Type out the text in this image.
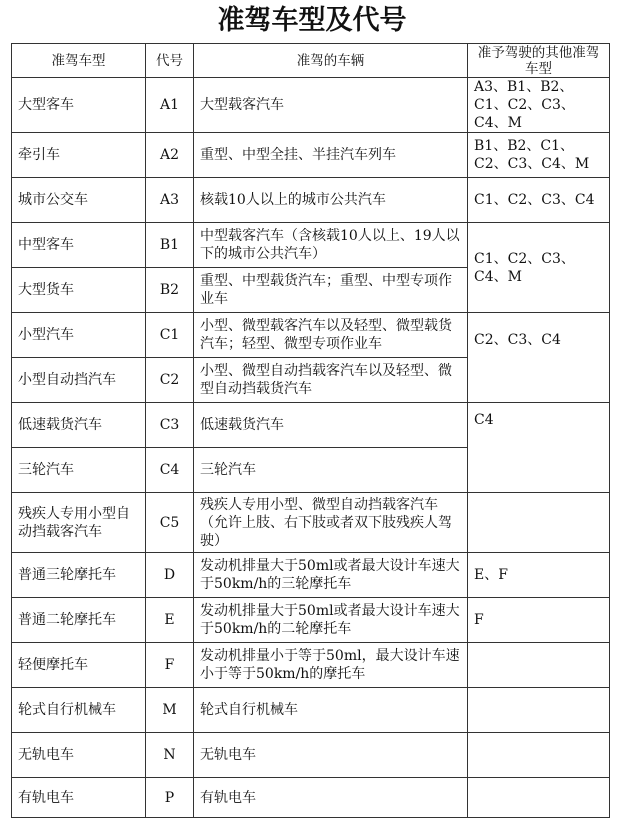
准驾车型及代号
准驾车型	代号	准驾的车辆	准予驾驶的其他准驾车型
大型客车	A1	大型载客汽车	A3、B1、B2、C1、C2、C3、C4、M
牵引车	A2	重型、中型全挂、半挂汽车列车	B1、B2、C1、C2、C3、C4、M
城市公交车	A3	核载10人以上的城市公共汽车	C1、C2、C3、C4
中型客车	B1	中型载客汽车（含核载10人以上、19人以下的城市公共汽车）	C1、C2、C3、C4、M
大型货车	B2	重型、中型载货汽车；重型、中型专项作业车	
小型汽车	C1	小型、微型载客汽车以及轻型、微型载货汽车；轻型、微型专项作业车	C2、C3、C4
小型自动挡汽车	C2	小型、微型自动挡载客汽车以及轻型、微型自动挡载货汽车	
低速载货汽车	C3	低速载货汽车	C4
三轮汽车	C4	三轮汽车	
残疾人专用小型自动挡载客汽车	C5	残疾人专用小型、微型自动挡载客汽车（允许上肢、右下肢或者双下肢残疾人驾驶）	
普通三轮摩托车	D	发动机排量大于50ml或者最大设计车速大于50km/h的三轮摩托车	E、F
普通二轮摩托车	E	发动机排量大于50ml或者最大设计车速大于50km/h的二轮摩托车	F
轻便摩托车	F	发动机排量小于等于50ml，最大设计车速小于等于50km/h的摩托车	
轮式自行机械车	M	轮式自行机械车	
无轨电车	N	无轨电车	
有轨电车	P	有轨电车	
